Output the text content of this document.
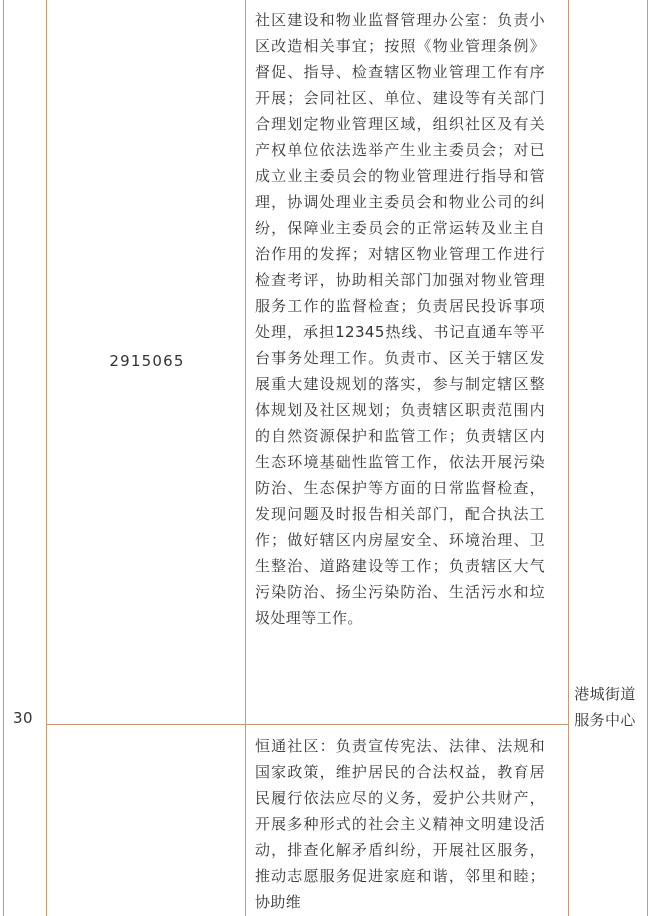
30
2915065
社区建设和物业监督管理办公室：负责小区改造相关事宜；按照《物业管理条例》督促、指导、检查辖区物业管理工作有序开展；会同社区、单位、建设等有关部门合理划定物业管理区域，组织社区及有关产权单位依法选举产生业主委员会；对已成立业主委员会的物业管理进行指导和管理，协调处理业主委员会和物业公司的纠纷，保障业主委员会的正常运转及业主自治作用的发挥；对辖区物业管理工作进行检查考评，协助相关部门加强对物业管理服务工作的监督检查；负责居民投诉事项处理，承担12345热线、书记直通车等平台事务处理工作。负责市、区关于辖区发展重大建设规划的落实，参与制定辖区整体规划及社区规划；负责辖区职责范围内的自然资源保护和监管工作；负责辖区内生态环境基础性监管工作，依法开展污染防治、生态保护等方面的日常监督检查，发现问题及时报告相关部门，配合执法工作；做好辖区内房屋安全、环境治理、卫生整治、道路建设等工作；负责辖区大气污染防治、扬尘污染防治、生活污水和垃圾处理等工作。
恒通社区：负责宣传宪法、法律、法规和国家政策，维护居民的合法权益，教育居民履行依法应尽的义务，爱护公共财产，开展多种形式的社会主义精神文明建设活动，排查化解矛盾纠纷，开展社区服务，推动志愿服务促进家庭和谐，邻里和睦；协助维
港城街道服务中心
